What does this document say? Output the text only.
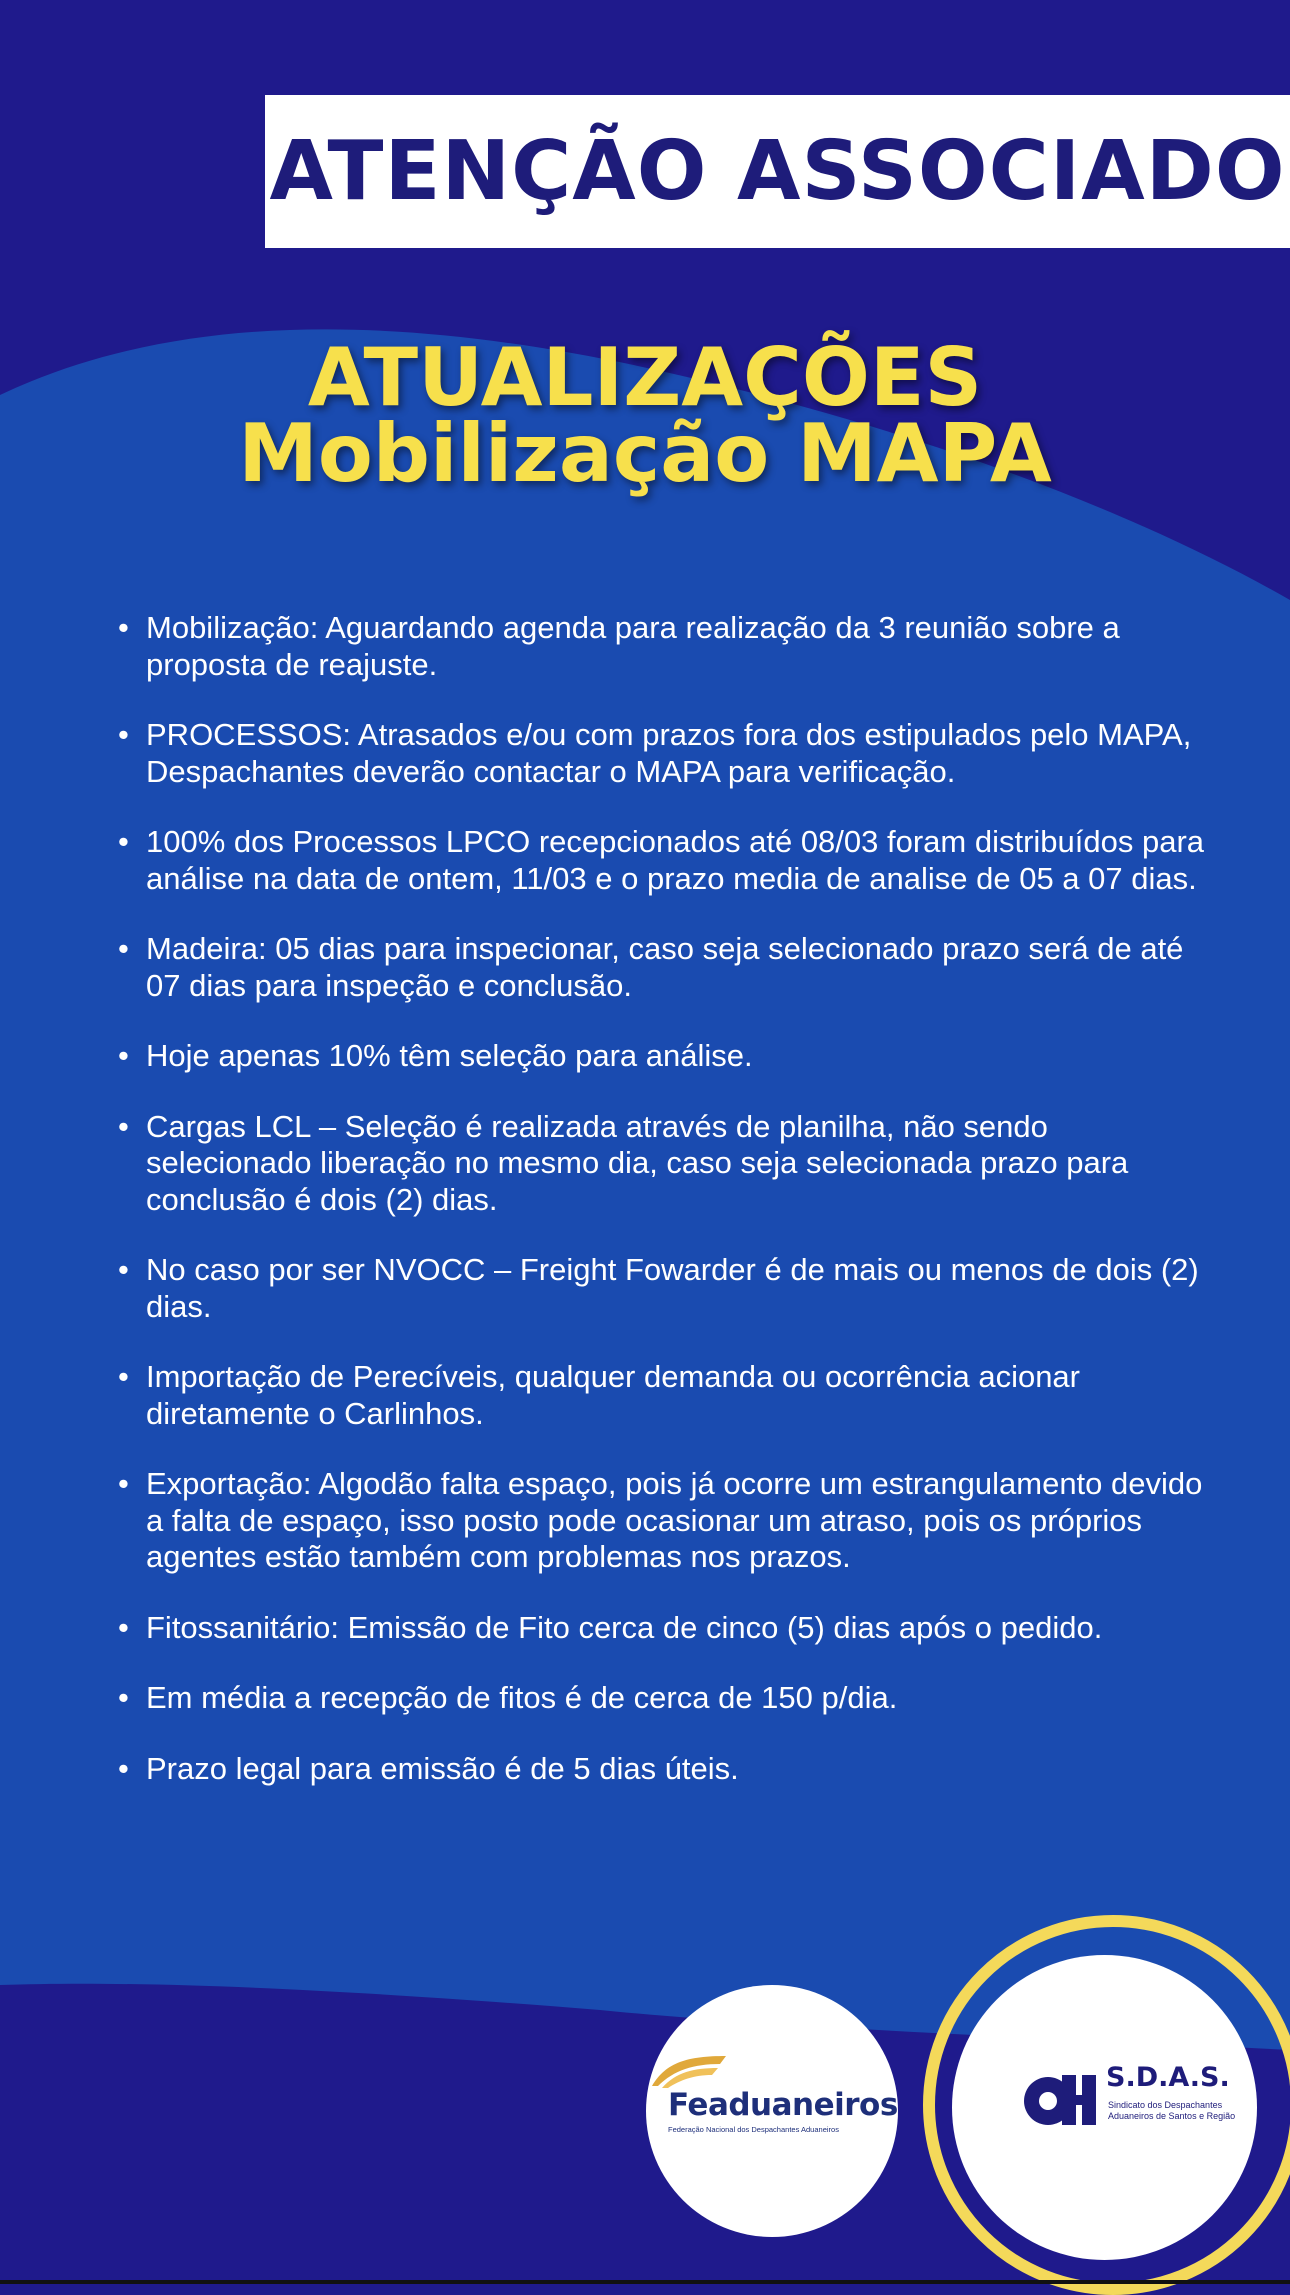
ATENÇÃO ASSOCIADO
ATUALIZAÇÕES
Mobilização MAPA
• Mobilização: Aguardando agenda para realização da 3 reunião sobre a proposta de reajuste.
• PROCESSOS: Atrasados e/ou com prazos fora dos estipulados pelo MAPA, Despachantes deverão contactar o MAPA para verificação.
• 100% dos Processos LPCO recepcionados até 08/03 foram distribuídos para análise na data de ontem, 11/03 e o prazo media de analise de 05 a 07 dias.
• Madeira: 05 dias para inspecionar, caso seja selecionado prazo será de até 07 dias para inspeção e conclusão.
• Hoje apenas 10% têm seleção para análise.
• Cargas LCL – Seleção é realizada através de planilha, não sendo selecionado liberação no mesmo dia, caso seja selecionada prazo para conclusão é dois (2) dias.
• No caso por ser NVOCC – Freight Fowarder é de mais ou menos de dois (2) dias.
• Importação de Perecíveis, qualquer demanda ou ocorrência acionar diretamente o Carlinhos.
• Exportação: Algodão falta espaço, pois já ocorre um estrangulamento devido a falta de espaço, isso posto pode ocasionar um atraso, pois os próprios agentes estão também com problemas nos prazos.
• Fitossanitário: Emissão de Fito cerca de cinco (5) dias após o pedido.
• Em média a recepção de fitos é de cerca de 150 p/dia.
• Prazo legal para emissão é de 5 dias úteis.
Feaduaneiros
Federação Nacional dos Despachantes Aduaneiros
S.D.A.S.
Sindicato dos Despachantes Aduaneiros de Santos e Região
